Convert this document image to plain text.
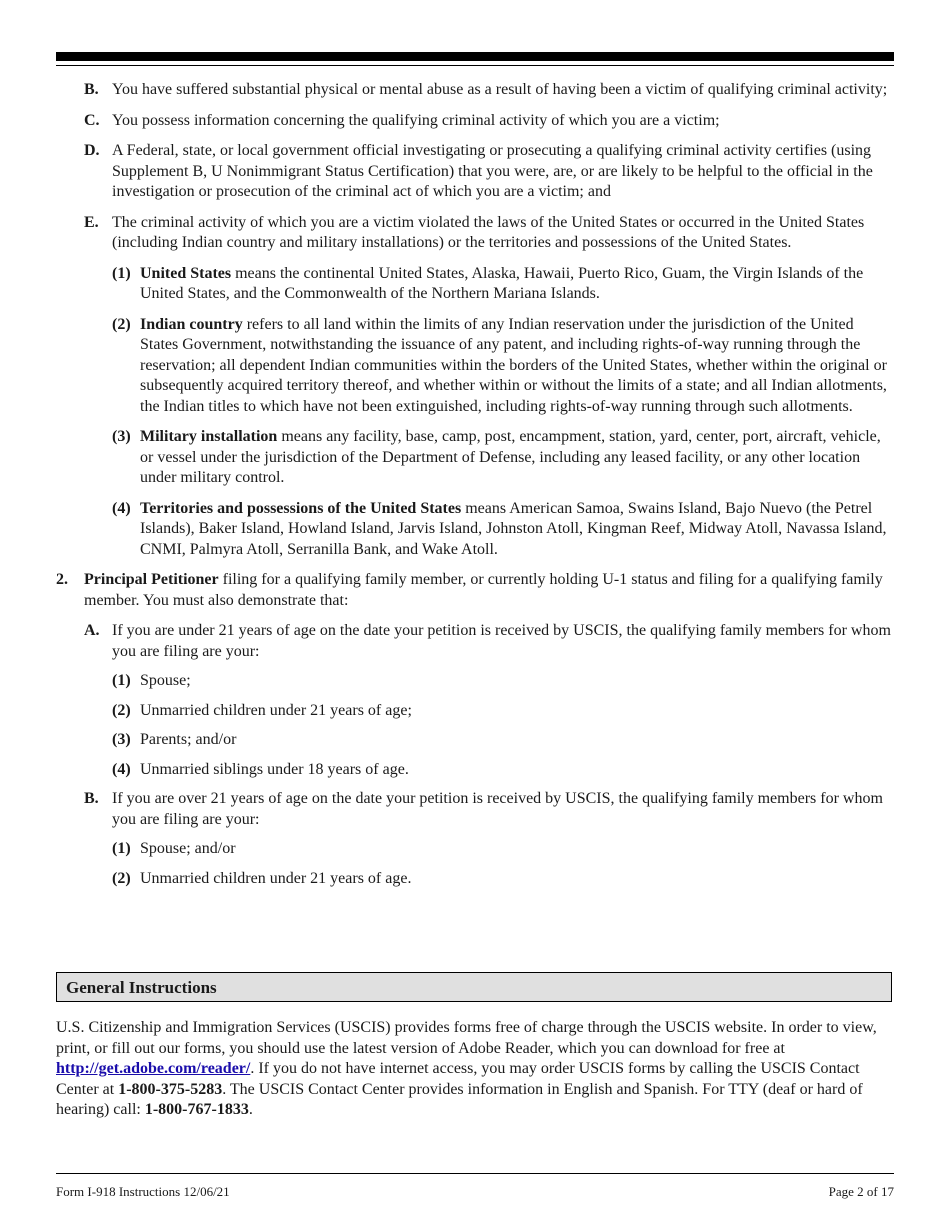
B. You have suffered substantial physical or mental abuse as a result of having been a victim of qualifying criminal activity;
C. You possess information concerning the qualifying criminal activity of which you are a victim;
D. A Federal, state, or local government official investigating or prosecuting a qualifying criminal activity certifies (using Supplement B, U Nonimmigrant Status Certification) that you were, are, or are likely to be helpful to the official in the investigation or prosecution of the criminal act of which you are a victim; and
E. The criminal activity of which you are a victim violated the laws of the United States or occurred in the United States (including Indian country and military installations) or the territories and possessions of the United States.
(1) United States means the continental United States, Alaska, Hawaii, Puerto Rico, Guam, the Virgin Islands of the United States, and the Commonwealth of the Northern Mariana Islands.
(2) Indian country refers to all land within the limits of any Indian reservation under the jurisdiction of the United States Government, notwithstanding the issuance of any patent, and including rights-of-way running through the reservation; all dependent Indian communities within the borders of the United States, whether within the original or subsequently acquired territory thereof, and whether within or without the limits of a state; and all Indian allotments, the Indian titles to which have not been extinguished, including rights-of-way running through such allotments.
(3) Military installation means any facility, base, camp, post, encampment, station, yard, center, port, aircraft, vehicle, or vessel under the jurisdiction of the Department of Defense, including any leased facility, or any other location under military control.
(4) Territories and possessions of the United States means American Samoa, Swains Island, Bajo Nuevo (the Petrel Islands), Baker Island, Howland Island, Jarvis Island, Johnston Atoll, Kingman Reef, Midway Atoll, Navassa Island, CNMI, Palmyra Atoll, Serranilla Bank, and Wake Atoll.
2. Principal Petitioner filing for a qualifying family member, or currently holding U-1 status and filing for a qualifying family member. You must also demonstrate that:
A. If you are under 21 years of age on the date your petition is received by USCIS, the qualifying family members for whom you are filing are your:
(1) Spouse;
(2) Unmarried children under 21 years of age;
(3) Parents; and/or
(4) Unmarried siblings under 18 years of age.
B. If you are over 21 years of age on the date your petition is received by USCIS, the qualifying family members for whom you are filing are your:
(1) Spouse; and/or
(2) Unmarried children under 21 years of age.
General Instructions
U.S. Citizenship and Immigration Services (USCIS) provides forms free of charge through the USCIS website. In order to view, print, or fill out our forms, you should use the latest version of Adobe Reader, which you can download for free at http://get.adobe.com/reader/. If you do not have internet access, you may order USCIS forms by calling the USCIS Contact Center at 1-800-375-5283. The USCIS Contact Center provides information in English and Spanish. For TTY (deaf or hard of hearing) call: 1-800-767-1833.
Form I-918 Instructions 12/06/21	Page 2 of 17
